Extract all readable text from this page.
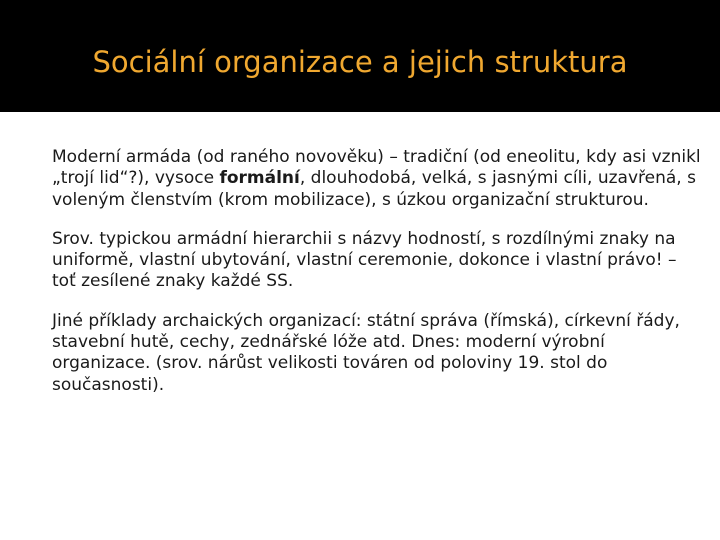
Sociální organizace a jejich struktura

Moderní armáda (od raného novověku) – tradiční (od eneolitu, kdy asi vznikl „trojí lid“?), vysoce formální, dlouhodobá, velká, s jasnými cíli, uzavřená, s voleným členstvím (krom mobilizace), s úzkou organizační strukturou.

Srov. typickou armádní hierarchii s názvy hodností, s rozdílnými znaky na uniformě, vlastní ubytování, vlastní ceremonie, dokonce i vlastní právo! – toť zesílené znaky každé SS.

Jiné příklady archaických organizací: státní správa (římská), církevní řády, stavební hutě, cechy, zednářské lóže atd. Dnes: moderní výrobní organizace. (srov. nárůst velikosti továren od poloviny 19. stol do současnosti).
